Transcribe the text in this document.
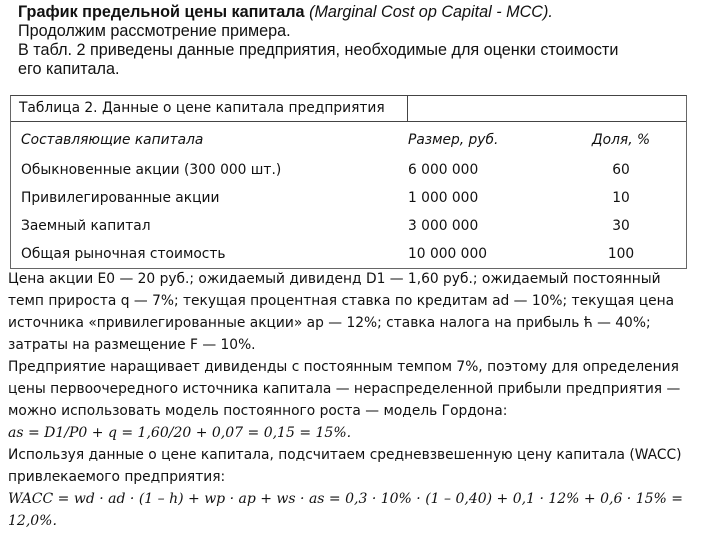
График предельной цены капитала (Marginal Cost op Capital - МСС).
Продолжим рассмотрение примера.
В табл. 2 приведены данные предприятия, необходимые для оценки стоимости
его капитала.
Таблица 2. Данные о цене капитала предприятия
Составляющие капитала	Размер, руб.	Доля, %
Обыкновенные акции (300 000 шт.)	6 000 000	60
Привилегированные акции	1 000 000	10
Заемный капитал	3 000 000	30
Общая рыночная стоимость	10 000 000	100

Цена акции E0 — 20 руб.; ожидаемый дивиденд D1 — 1,60 руб.; ожидаемый постоянный
темп прироста q — 7%; текущая процентная ставка по кредитам ad — 10%; текущая цена
источника «привилегированные акции» ap — 12%; ставка налога на прибыль ћ — 40%;
затраты на размещение F — 10%.

Предприятие наращивает дивиденды с постоянным темпом 7%, поэтому для определения
цены первоочередного источника капитала — нераспределенной прибыли предприятия —
можно использовать модель постоянного роста — модель Гордона:

as = D1/P0 + q = 1,60/20 + 0,07 = 0,15 = 15%.

Используя данные о цене капитала, подсчитаем средневзвешенную цену капитала (WACC)
привлекаемого предприятия:

WACC = wd · ad · (1 – h) + wp · ap + ws · as = 0,3 · 10% · (1 – 0,40) + 0,1 · 12% + 0,6 · 15% = 12,0%.
